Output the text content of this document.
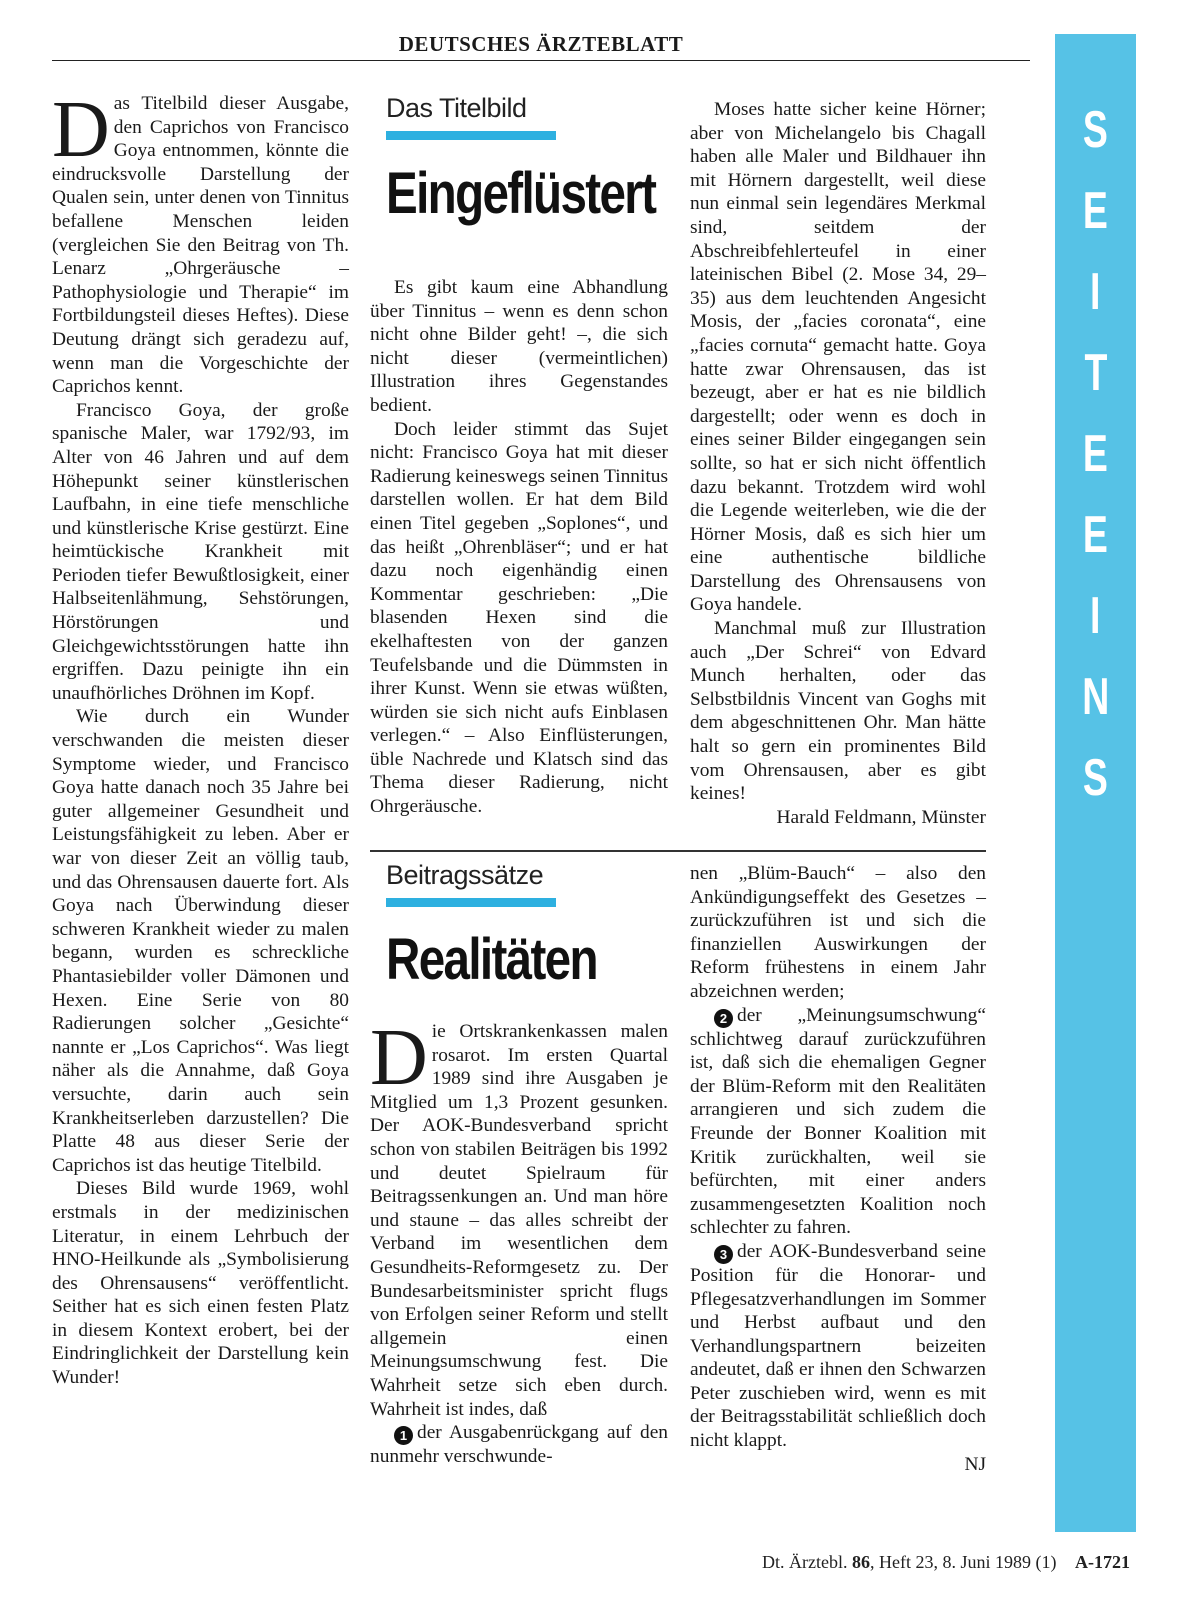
DEUTSCHES ÄRZTEBLATT
S
E
I
T
E
E
I
N
S

Das Titelbild dieser Ausgabe, den Caprichos von Francisco Goya entnommen, könnte die eindrucksvolle Darstellung der Qualen sein, unter denen von Tinnitus befallene Menschen leiden (vergleichen Sie den Beitrag von Th. Lenarz „Ohrgeräusche – Pathophysiologie und Therapie“ im Fortbildungsteil dieses Heftes). Diese Deutung drängt sich geradezu auf, wenn man die Vorgeschichte der Caprichos kennt.

Francisco Goya, der große spanische Maler, war 1792/93, im Alter von 46 Jahren und auf dem Höhepunkt seiner künstlerischen Laufbahn, in eine tiefe menschliche und künstlerische Krise gestürzt. Eine heimtückische Krankheit mit Perioden tiefer Bewußtlosigkeit, einer Halbseitenlähmung, Sehstörungen, Hörstörungen und Gleichgewichtsstörungen hatte ihn ergriffen. Dazu peinigte ihn ein unaufhörliches Dröhnen im Kopf.

Wie durch ein Wunder verschwanden die meisten dieser Symptome wieder, und Francisco Goya hatte danach noch 35 Jahre bei guter allgemeiner Gesundheit und Leistungsfähigkeit zu leben. Aber er war von dieser Zeit an völlig taub, und das Ohrensausen dauerte fort. Als Goya nach Überwindung dieser schweren Krankheit wieder zu malen begann, wurden es schreckliche Phantasiebilder voller Dämonen und Hexen. Eine Serie von 80 Radierungen solcher „Gesichte“ nannte er „Los Caprichos“. Was liegt näher als die Annahme, daß Goya versuchte, darin auch sein Krankheitserleben darzustellen? Die Platte 48 aus dieser Serie der Caprichos ist das heutige Titelbild.

Dieses Bild wurde 1969, wohl erstmals in der medizinischen Literatur, in einem Lehrbuch der HNO-Heilkunde als „Symbolisierung des Ohrensausens“ veröffentlicht. Seither hat es sich einen festen Platz in diesem Kontext erobert, bei der Eindringlichkeit der Darstellung kein Wunder!

Das Titelbild
Eingeflüstert

Es gibt kaum eine Abhandlung über Tinnitus – wenn es denn schon nicht ohne Bilder geht! –, die sich nicht dieser (vermeintlichen) Illustration ihres Gegenstandes bedient.

Doch leider stimmt das Sujet nicht: Francisco Goya hat mit dieser Radierung keineswegs seinen Tinnitus darstellen wollen. Er hat dem Bild einen Titel gegeben „Soplones“, und das heißt „Ohrenbläser“; und er hat dazu noch eigenhändig einen Kommentar geschrieben: „Die blasenden Hexen sind die ekelhaftesten von der ganzen Teufelsbande und die Dümmsten in ihrer Kunst. Wenn sie etwas wüßten, würden sie sich nicht aufs Einblasen verlegen.“ – Also Einflüsterungen, üble Nachrede und Klatsch sind das Thema dieser Radierung, nicht Ohrgeräusche.

Moses hatte sicher keine Hörner; aber von Michelangelo bis Chagall haben alle Maler und Bildhauer ihn mit Hörnern dargestellt, weil diese nun einmal sein legendäres Merkmal sind, seitdem der Abschreibfehlerteufel in einer lateinischen Bibel (2. Mose 34, 29–35) aus dem leuchtenden Angesicht Mosis, der „facies coronata“, eine „facies cornuta“ gemacht hatte. Goya hatte zwar Ohrensausen, das ist bezeugt, aber er hat es nie bildlich dargestellt; oder wenn es doch in eines seiner Bilder eingegangen sein sollte, so hat er sich nicht öffentlich dazu bekannt. Trotzdem wird wohl die Legende weiterleben, wie die der Hörner Mosis, daß es sich hier um eine authentische bildliche Darstellung des Ohrensausens von Goya handele.

Manchmal muß zur Illustration auch „Der Schrei“ von Edvard Munch herhalten, oder das Selbstbildnis Vincent van Goghs mit dem abgeschnittenen Ohr. Man hätte halt so gern ein prominentes Bild vom Ohrensausen, aber es gibt keines!

Harald Feldmann, Münster

Beitragssätze
Realitäten

Die Ortskrankenkassen malen rosarot. Im ersten Quartal 1989 sind ihre Ausgaben je Mitglied um 1,3 Prozent gesunken. Der AOK-Bundesverband spricht schon von stabilen Beiträgen bis 1992 und deutet Spielraum für Beitragssenkungen an. Und man höre und staune – das alles schreibt der Verband im wesentlichen dem Gesundheits-Reformgesetz zu. Der Bundesarbeitsminister spricht flugs von Erfolgen seiner Reform und stellt allgemein einen Meinungsumschwung fest. Die Wahrheit setze sich eben durch. Wahrheit ist indes, daß

1 der Ausgabenrückgang auf den nunmehr verschwunde-

nen „Blüm-Bauch“ – also den Ankündigungseffekt des Gesetzes – zurückzuführen ist und sich die finanziellen Auswirkungen der Reform frühestens in einem Jahr abzeichnen werden;

2 der „Meinungsumschwung“ schlichtweg darauf zurückzuführen ist, daß sich die ehemaligen Gegner der Blüm-Reform mit den Realitäten arrangieren und sich zudem die Freunde der Bonner Koalition mit Kritik zurückhalten, weil sie befürchten, mit einer anders zusammengesetzten Koalition noch schlechter zu fahren.

3 der AOK-Bundesverband seine Position für die Honorar- und Pflegesatzverhandlungen im Sommer und Herbst aufbaut und den Verhandlungspartnern beizeiten andeutet, daß er ihnen den Schwarzen Peter zuschieben wird, wenn es mit der Beitragsstabilität schließlich doch nicht klappt.

NJ

Dt. Ärztebl. 86, Heft 23, 8. Juni 1989 (1) A-1721
